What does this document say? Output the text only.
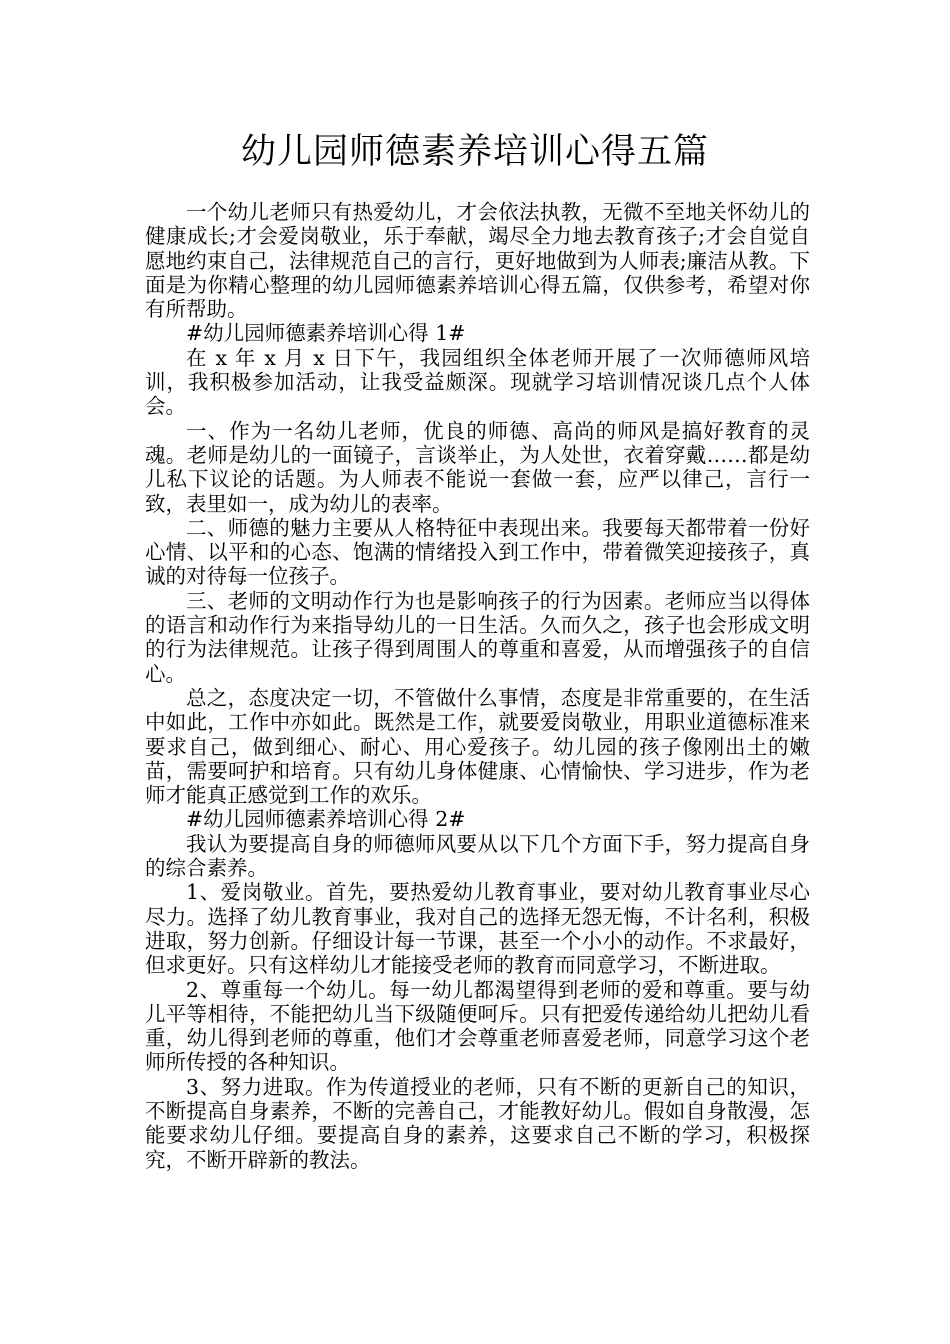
幼儿园师德素养培训心得五篇

一个幼儿老师只有热爱幼儿，才会依法执教，无微不至地关怀幼儿的健康成长;才会爱岗敬业，乐于奉献，竭尽全力地去教育孩子;才会自觉自愿地约束自己，法律规范自己的言行，更好地做到为人师表;廉洁从教。下面是为你精心整理的幼儿园师德素养培训心得五篇，仅供参考，希望对你有所帮助。

#幼儿园师德素养培训心得 1#

在 x 年 x 月 x 日下午，我园组织全体老师开展了一次师德师风培训，我积极参加活动，让我受益颇深。现就学习培训情况谈几点个人体会。

一、作为一名幼儿老师，优良的师德、高尚的师风是搞好教育的灵魂。老师是幼儿的一面镜子，言谈举止，为人处世，衣着穿戴……都是幼儿私下议论的话题。为人师表不能说一套做一套，应严以律己，言行一致，表里如一，成为幼儿的表率。

二、师德的魅力主要从人格特征中表现出来。我要每天都带着一份好心情、以平和的心态、饱满的情绪投入到工作中，带着微笑迎接孩子，真诚的对待每一位孩子。

三、老师的文明动作行为也是影响孩子的行为因素。老师应当以得体的语言和动作行为来指导幼儿的一日生活。久而久之，孩子也会形成文明的行为法律规范。让孩子得到周围人的尊重和喜爱，从而增强孩子的自信心。

总之，态度决定一切，不管做什么事情，态度是非常重要的，在生活中如此，工作中亦如此。既然是工作，就要爱岗敬业，用职业道德标准来要求自己，做到细心、耐心、用心爱孩子。幼儿园的孩子像刚出土的嫩苗，需要呵护和培育。只有幼儿身体健康、心情愉快、学习进步，作为老师才能真正感觉到工作的欢乐。

#幼儿园师德素养培训心得 2#

我认为要提高自身的师德师风要从以下几个方面下手，努力提高自身的综合素养。

1、爱岗敬业。首先，要热爱幼儿教育事业，要对幼儿教育事业尽心尽力。选择了幼儿教育事业，我对自己的选择无怨无悔，不计名利，积极进取，努力创新。仔细设计每一节课，甚至一个小小的动作。不求最好，但求更好。只有这样幼儿才能接受老师的教育而同意学习，不断进取。

2、尊重每一个幼儿。每一幼儿都渴望得到老师的爱和尊重。要与幼儿平等相待，不能把幼儿当下级随便呵斥。只有把爱传递给幼儿把幼儿看重，幼儿得到老师的尊重，他们才会尊重老师喜爱老师，同意学习这个老师所传授的各种知识。

3、努力进取。作为传道授业的老师，只有不断的更新自己的知识，不断提高自身素养，不断的完善自己，才能教好幼儿。假如自身散漫，怎能要求幼儿仔细。要提高自身的素养，这要求自己不断的学习，积极探究，不断开辟新的教法。
